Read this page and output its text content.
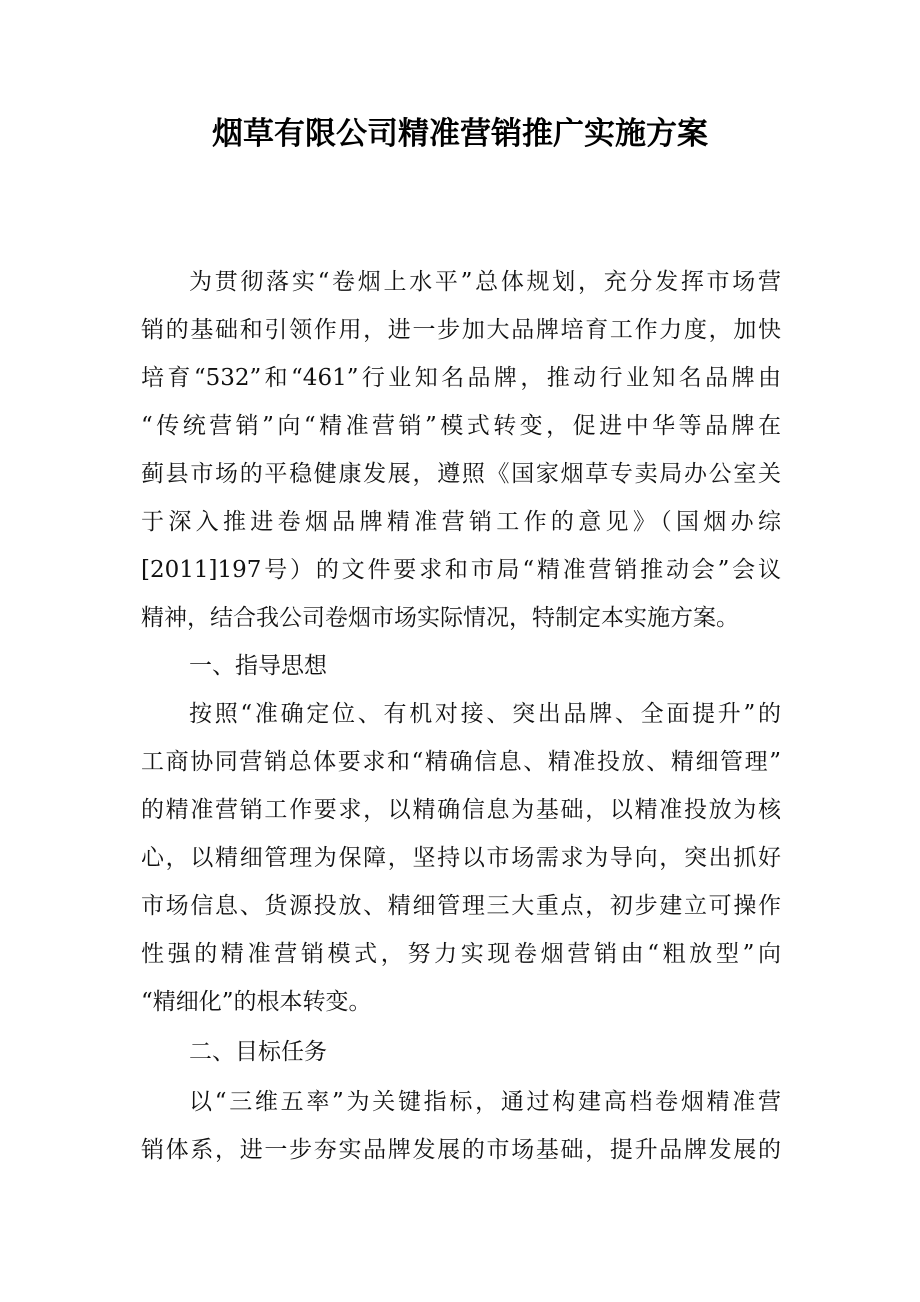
烟草有限公司精准营销推广实施方案
为贯彻落实“卷烟上水平”总体规划，充分发挥市场营
销的基础和引领作用，进一步加大品牌培育工作力度，加快
培育“532”和“461”行业知名品牌，推动行业知名品牌由
“传统营销”向“精准营销”模式转变，促进中华等品牌在
蓟县市场的平稳健康发展，遵照《国家烟草专卖局办公室关
于深入推进卷烟品牌精准营销工作的意见》（国烟办综
[2011]197号）的文件要求和市局“精准营销推动会”会议
精神，结合我公司卷烟市场实际情况，特制定本实施方案。
一、指导思想
按照“准确定位、有机对接、突出品牌、全面提升”的
工商协同营销总体要求和“精确信息、精准投放、精细管理”
的精准营销工作要求，以精确信息为基础，以精准投放为核
心，以精细管理为保障，坚持以市场需求为导向，突出抓好
市场信息、货源投放、精细管理三大重点，初步建立可操作
性强的精准营销模式，努力实现卷烟营销由“粗放型”向
“精细化”的根本转变。
二、目标任务
以“三维五率”为关键指标，通过构建高档卷烟精准营
销体系，进一步夯实品牌发展的市场基础，提升品牌发展的
